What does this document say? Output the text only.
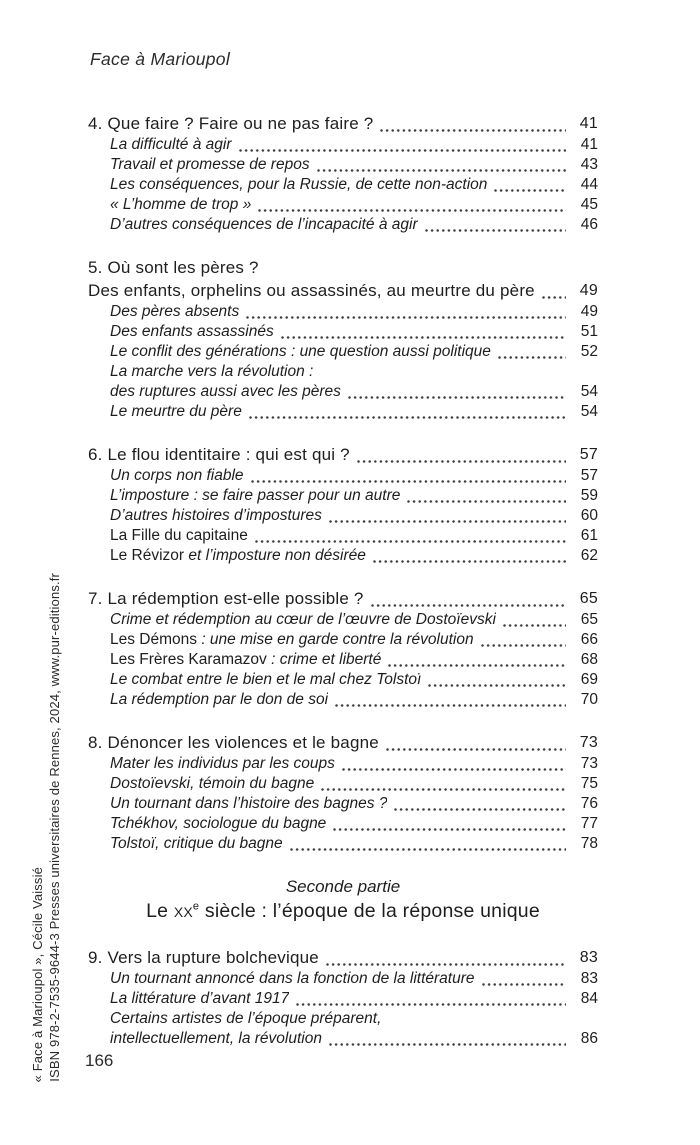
Face à Marioupol
« Face à Marioupol », Cécile Vaissié ISBN 978-2-7535-9644-3 Presses universitaires de Rennes, 2024, www.pur-editions.fr
4. Que faire ? Faire ou ne pas faire ?	41
La difficulté à agir	41
Travail et promesse de repos	43
Les conséquences, pour la Russie, de cette non-action	44
« L’homme de trop »	45
D’autres conséquences de l’incapacité à agir	46
5. Où sont les pères ?
Des enfants, orphelins ou assassinés, au meurtre du père	49
Des pères absents	49
Des enfants assassinés	51
Le conflit des générations : une question aussi politique	52
La marche vers la révolution :
des ruptures aussi avec les pères	54
Le meurtre du père	54
6. Le flou identitaire : qui est qui ?	57
Un corps non fiable	57
L’imposture : se faire passer pour un autre	59
D’autres histoires d’impostures	60
La Fille du capitaine	61
Le Révizor et l’imposture non désirée	62
7. La rédemption est-elle possible ?	65
Crime et rédemption au cœur de l’œuvre de Dostoïevski	65
Les Démons : une mise en garde contre la révolution	66
Les Frères Karamazov : crime et liberté	68
Le combat entre le bien et le mal chez Tolstoï	69
La rédemption par le don de soi	70
8. Dénoncer les violences et le bagne	73
Mater les individus par les coups	73
Dostoïevski, témoin du bagne	75
Un tournant dans l’histoire des bagnes ?	76
Tchékhov, sociologue du bagne	77
Tolstoï, critique du bagne	78
Seconde partie
Le $xx^e$ siècle : l’époque de la réponse unique
9. Vers la rupture bolchevique	83
Un tournant annoncé dans la fonction de la littérature	83
La littérature d’avant 1917	84
Certains artistes de l’époque préparent,
intellectuellement, la révolution	86
166
